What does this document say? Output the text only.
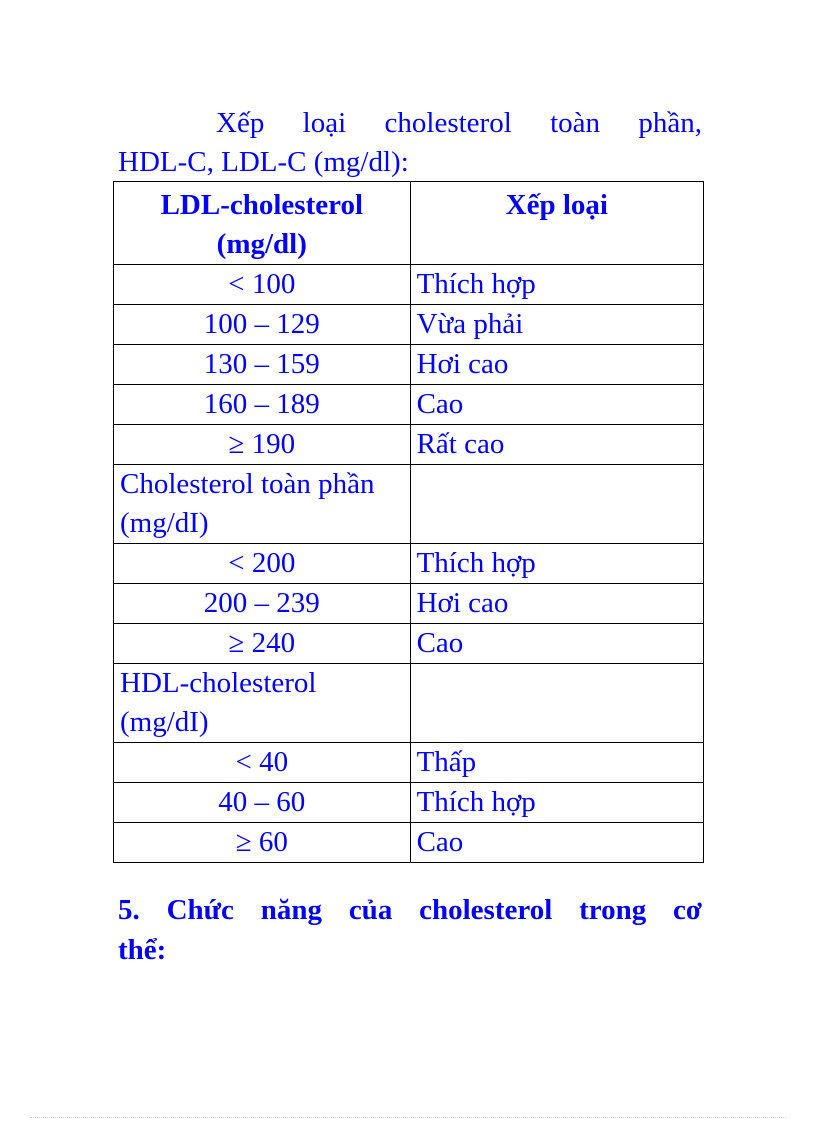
Xếp loại cholesterol toàn phần,
HDL-C, LDL-C (mg/dl):
LDL-cholesterol (mg/dl)	Xếp loại
< 100	Thích hợp
100 – 129	Vừa phải
130 – 159	Hơi cao
160 – 189	Cao
≥ 190	Rất cao
Cholesterol toàn phần (mg/dI)	
< 200	Thích hợp
200 – 239	Hơi cao
≥ 240	Cao
HDL-cholesterol (mg/dI)	
< 40	Thấp
40 – 60	Thích hợp
≥ 60	Cao
5. Chức năng của cholesterol trong cơ
thể:
